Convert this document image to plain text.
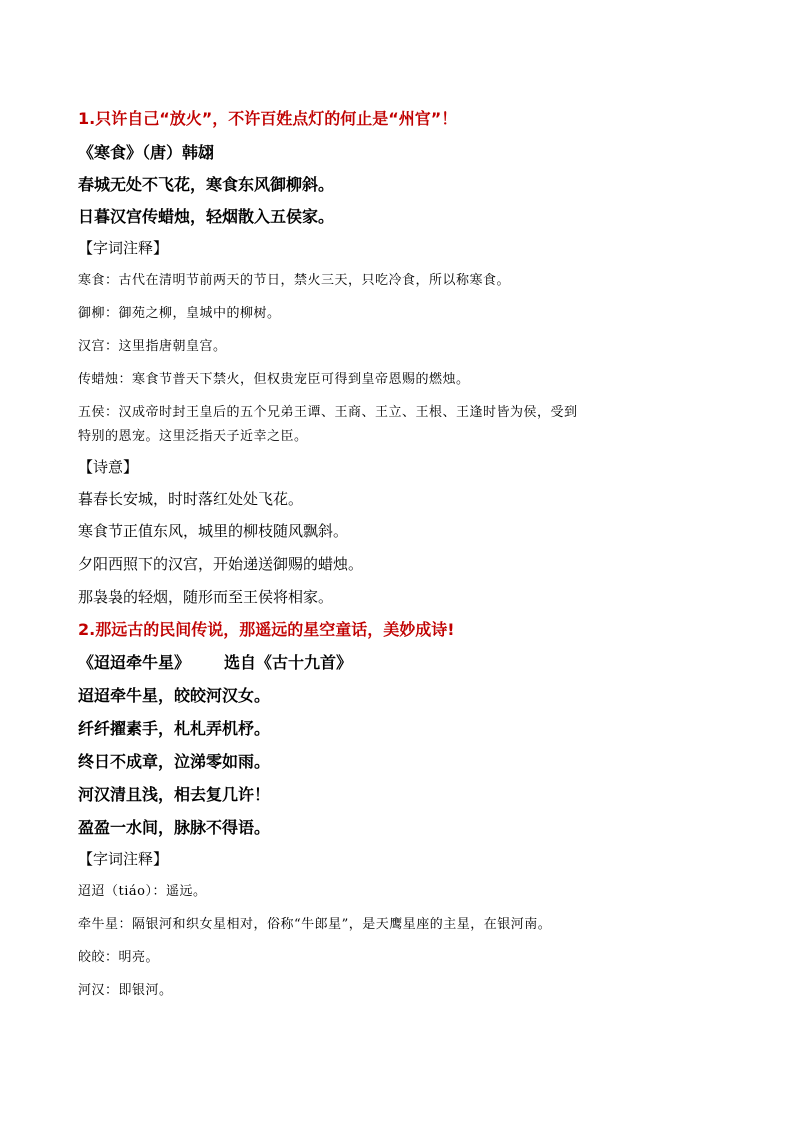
1.只许自己“放火”，不许百姓点灯的何止是“州官”！
《寒食》（唐）韩翃
春城无处不飞花，寒食东风御柳斜。
日暮汉宫传蜡烛，轻烟散入五侯家。
【字词注释】
寒食：古代在清明节前两天的节日，禁火三天，只吃冷食，所以称寒食。
御柳：御苑之柳，皇城中的柳树。
汉宫：这里指唐朝皇宫。
传蜡烛：寒食节普天下禁火，但权贵宠臣可得到皇帝恩赐的燃烛。
五侯：汉成帝时封王皇后的五个兄弟王谭、王商、王立、王根、王逢时皆为侯，受到
特别的恩宠。这里泛指天子近幸之臣。
【诗意】
暮春长安城，时时落红处处飞花。
寒食节正值东风，城里的柳枝随风飘斜。
夕阳西照下的汉宫，开始递送御赐的蜡烛。
那袅袅的轻烟，随形而至王侯将相家。
2.那远古的民间传说，那遥远的星空童话，美妙成诗!
《迢迢牵牛星》 选自《古十九首》
迢迢牵牛星，皎皎河汉女。
纤纤擢素手，札札弄机杼。
终日不成章，泣涕零如雨。
河汉清且浅，相去复几许！
盈盈一水间，脉脉不得语。
【字词注释】
迢迢（tiáo）：遥远。
牵牛星：隔银河和织女星相对，俗称“牛郎星”，是天鹰星座的主星，在银河南。
皎皎：明亮。
河汉：即银河。
